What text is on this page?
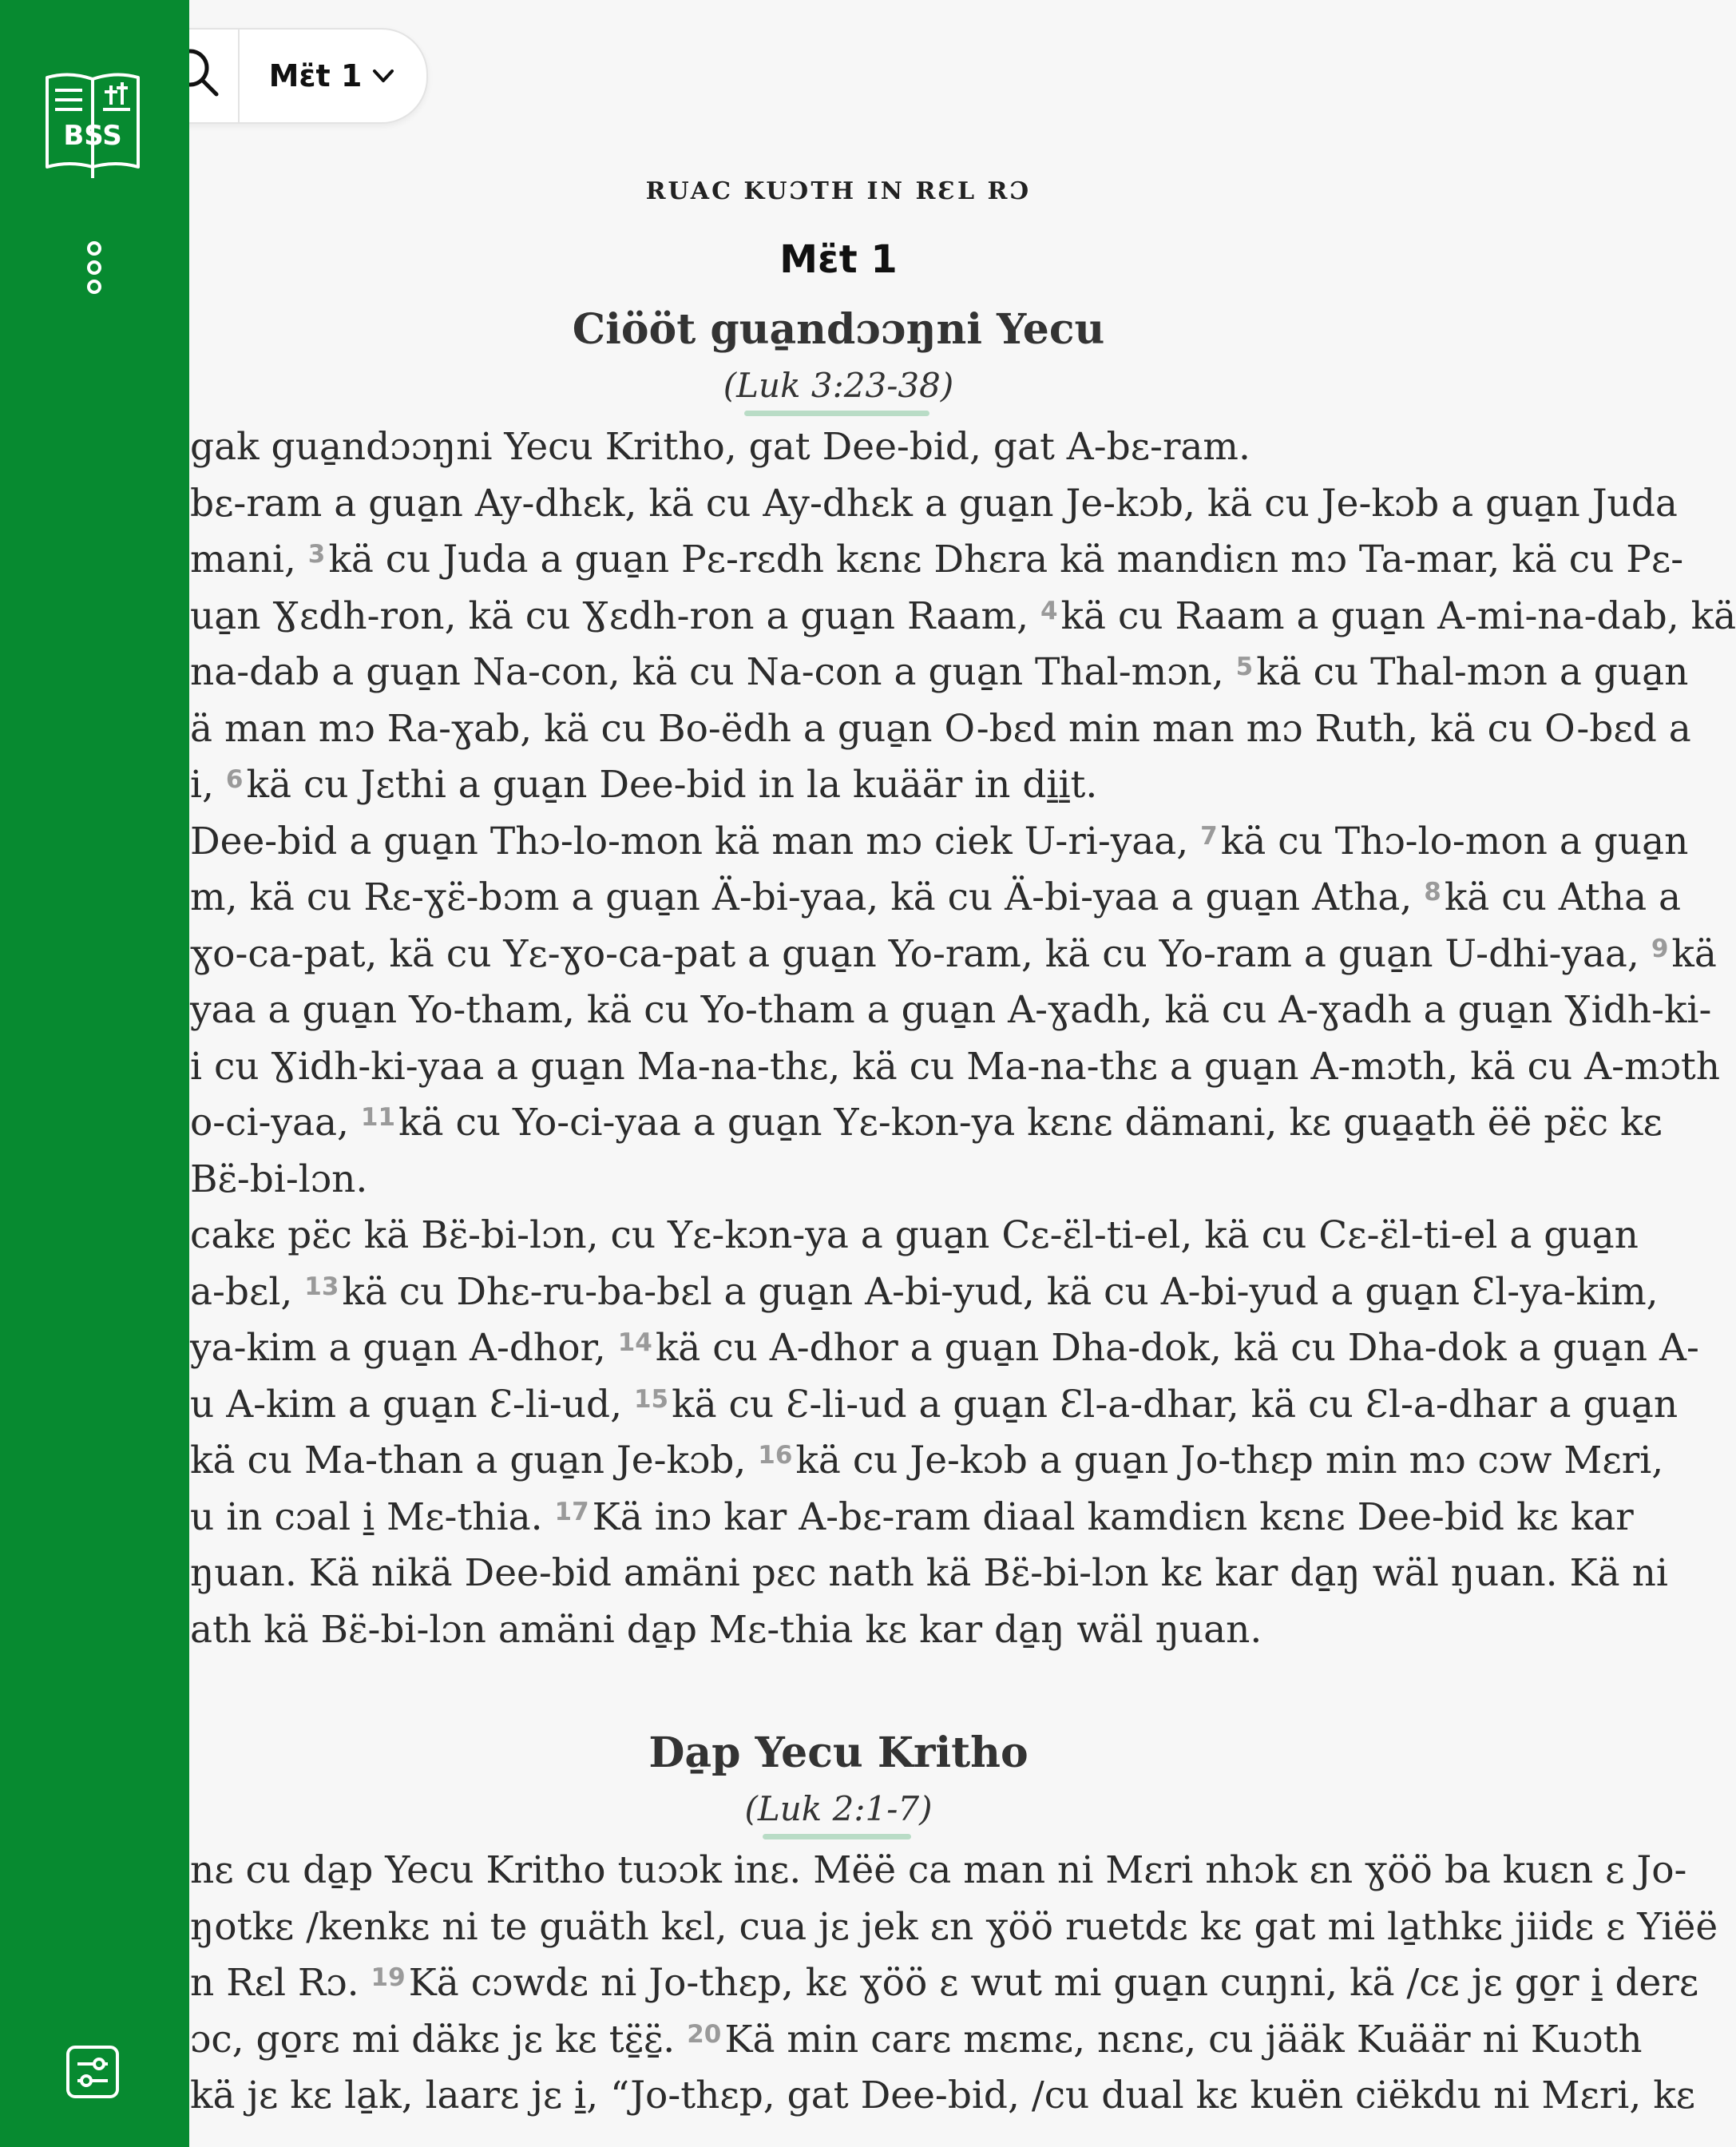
RUAC KUƆTH IN RƐL RƆ
Mɛ̈t 1
Ciööt gua̱ndɔɔŋni Yecu
(Luk 3:23-38)
gak gua̱ndɔɔŋni Yecu Kritho, gat Dee-bid, gat A-bɛ-ram.
bɛ-ram a gua̱n Ay-dhɛk, kä cu Ay-dhɛk a gua̱n Je-kɔb, kä cu Je-kɔb a gua̱n Juda
mani, $^3$kä cu Juda a gua̱n Pɛ-rɛdh kɛnɛ Dhɛra kä mandiɛn mɔ Ta-mar, kä cu Pɛ-
ua̱n Ɣɛdh-ron, kä cu Ɣɛdh-ron a gua̱n Raam, $^4$kä cu Raam a gua̱n A-mi-na-dab, kä
na-dab a gua̱n Na-con, kä cu Na-con a gua̱n Thal-mɔn, $^5$kä cu Thal-mɔn a gua̱n
ä man mɔ Ra-ɣab, kä cu Bo-ëdh a gua̱n O-bɛd min man mɔ Ruth, kä cu O-bɛd a
i, $^6$kä cu Jɛthi a gua̱n Dee-bid in la kuäär in di̱i̱t.
Dee-bid a gua̱n Thɔ-lo-mon kä man mɔ ciek U-ri-yaa, $^7$kä cu Thɔ-lo-mon a gua̱n
m, kä cu Rɛ-ɣɛ̈-bɔm a gua̱n Ä-bi-yaa, kä cu Ä-bi-yaa a gua̱n Atha, $^8$kä cu Atha a
ɣo-ca-pat, kä cu Yɛ-ɣo-ca-pat a gua̱n Yo-ram, kä cu Yo-ram a gua̱n U-dhi-yaa, $^9$kä
yaa a gua̱n Yo-tham, kä cu Yo-tham a gua̱n A-ɣadh, kä cu A-ɣadh a gua̱n Ɣidh-ki-
i cu Ɣidh-ki-yaa a gua̱n Ma-na-thɛ, kä cu Ma-na-thɛ a gua̱n A-mɔth, kä cu A-mɔth
o-ci-yaa, $^{11}$kä cu Yo-ci-yaa a gua̱n Yɛ-kɔn-ya kɛnɛ dämani, kɛ gua̱a̱th ëë pɛ̈c kɛ
Bɛ̈-bi-lɔn.
cakɛ pɛ̈c kä Bɛ̈-bi-lɔn, cu Yɛ-kɔn-ya a gua̱n Cɛ-ɛ̈l-ti-el, kä cu Cɛ-ɛ̈l-ti-el a gua̱n
a-bɛl, $^{13}$kä cu Dhɛ-ru-ba-bɛl a gua̱n A-bi-yud, kä cu A-bi-yud a gua̱n Ɛl-ya-kim,
ya-kim a gua̱n A-dhor, $^{14}$kä cu A-dhor a gua̱n Dha-dok, kä cu Dha-dok a gua̱n A-
u A-kim a gua̱n Ɛ-li-ud, $^{15}$kä cu Ɛ-li-ud a gua̱n Ɛl-a-dhar, kä cu Ɛl-a-dhar a gua̱n
kä cu Ma-than a gua̱n Je-kɔb, $^{16}$kä cu Je-kɔb a gua̱n Jo-thɛp min mɔ cɔw Mɛri,
u in cɔal i̱ Mɛ-thia. $^{17}$Kä inɔ kar A-bɛ-ram diaal kamdiɛn kɛnɛ Dee-bid kɛ kar
ŋuan. Kä nikä Dee-bid amäni pɛc nath kä Bɛ̈-bi-lɔn kɛ kar da̱ŋ wäl ŋuan. Kä ni
ath kä Bɛ̈-bi-lɔn amäni da̱p Mɛ-thia kɛ kar da̱ŋ wäl ŋuan.
Da̱p Yecu Kritho
(Luk 2:1-7)
nɛ cu da̱p Yecu Kritho tuɔɔk inɛ. Mëë ca man ni Mɛri nhɔk ɛn ɣöö ba kuɛn ɛ Jo-
ŋotkɛ /kenkɛ ni te guäth kɛl, cua jɛ jek ɛn ɣöö ruetdɛ kɛ gat mi la̱thkɛ jiidɛ ɛ Yiëë
n Rɛl Rɔ. $^{19}$Kä cɔwdɛ ni Jo-thɛp, kɛ ɣöö ɛ wut mi gua̱n cuŋni, kä /cɛ jɛ go̱r i̱ derɛ
ɔc, go̱rɛ mi däkɛ jɛ kɛ tɛ̱̈ɛ̱̈. $^{20}$Kä min carɛ mɛmɛ, nɛnɛ, cu jääk Kuäär ni Kuɔth
kä jɛ kɛ la̱k, laarɛ jɛ i̱, “Jo-thɛp, gat Dee-bid, /cu dual kɛ kuën ciëkdu ni Mɛri, kɛ
Mɛ̈t 1
BSS
